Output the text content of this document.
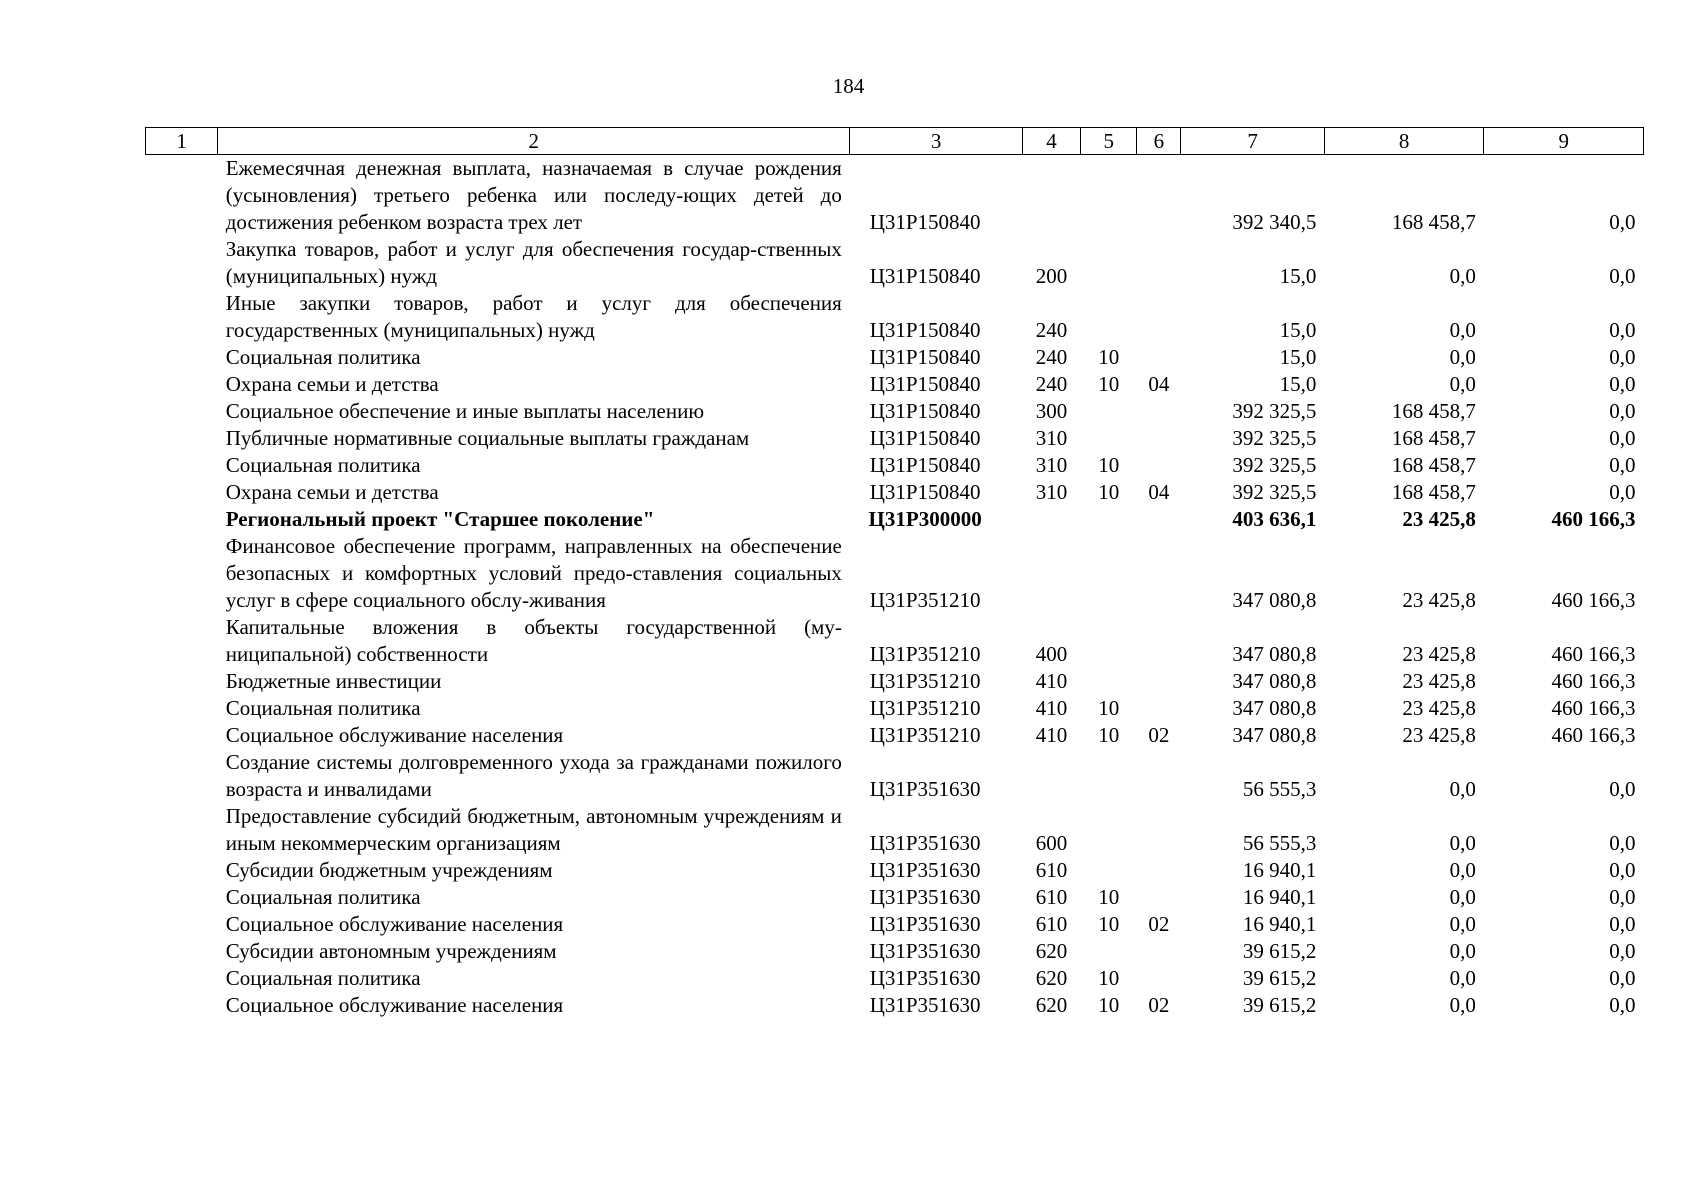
184
1	2	3	4	5	6	7	8	9
	Ежемесячная денежная выплата, назначаемая в случае рождения (усыновления) третьего ребенка или последу-ющих детей до достижения ребенком возраста трех лет	Ц31Р150840				392 340,5	168 458,7	0,0
	Закупка товаров, работ и услуг для обеспечения государ-ственных (муниципальных) нужд	Ц31Р150840	200			15,0	0,0	0,0
	Иные закупки товаров, работ и услуг для обеспечения государственных (муниципальных) нужд	Ц31Р150840	240			15,0	0,0	0,0
	Социальная политика	Ц31Р150840	240	10		15,0	0,0	0,0
	Охрана семьи и детства	Ц31Р150840	240	10	04	15,0	0,0	0,0
	Социальное обеспечение и иные выплаты населению	Ц31Р150840	300			392 325,5	168 458,7	0,0
	Публичные нормативные социальные выплаты гражданам	Ц31Р150840	310			392 325,5	168 458,7	0,0
	Социальная политика	Ц31Р150840	310	10		392 325,5	168 458,7	0,0
	Охрана семьи и детства	Ц31Р150840	310	10	04	392 325,5	168 458,7	0,0
	Региональный проект "Старшее поколение"	Ц31Р300000				403 636,1	23 425,8	460 166,3
	Финансовое обеспечение программ, направленных на обеспечение безопасных и комфортных условий предо-ставления социальных услуг в сфере социального обслу-живания	Ц31Р351210				347 080,8	23 425,8	460 166,3
	Капитальные вложения в объекты государственной (му-ниципальной) собственности	Ц31Р351210	400			347 080,8	23 425,8	460 166,3
	Бюджетные инвестиции	Ц31Р351210	410			347 080,8	23 425,8	460 166,3
	Социальная политика	Ц31Р351210	410	10		347 080,8	23 425,8	460 166,3
	Социальное обслуживание населения	Ц31Р351210	410	10	02	347 080,8	23 425,8	460 166,3
	Создание системы долговременного ухода за гражданами пожилого возраста и инвалидами	Ц31Р351630				56 555,3	0,0	0,0
	Предоставление субсидий бюджетным, автономным учреждениям и иным некоммерческим организациям	Ц31Р351630	600			56 555,3	0,0	0,0
	Субсидии бюджетным учреждениям	Ц31Р351630	610			16 940,1	0,0	0,0
	Социальная политика	Ц31Р351630	610	10		16 940,1	0,0	0,0
	Социальное обслуживание населения	Ц31Р351630	610	10	02	16 940,1	0,0	0,0
	Субсидии автономным учреждениям	Ц31Р351630	620			39 615,2	0,0	0,0
	Социальная политика	Ц31Р351630	620	10		39 615,2	0,0	0,0
	Социальное обслуживание населения	Ц31Р351630	620	10	02	39 615,2	0,0	0,0
